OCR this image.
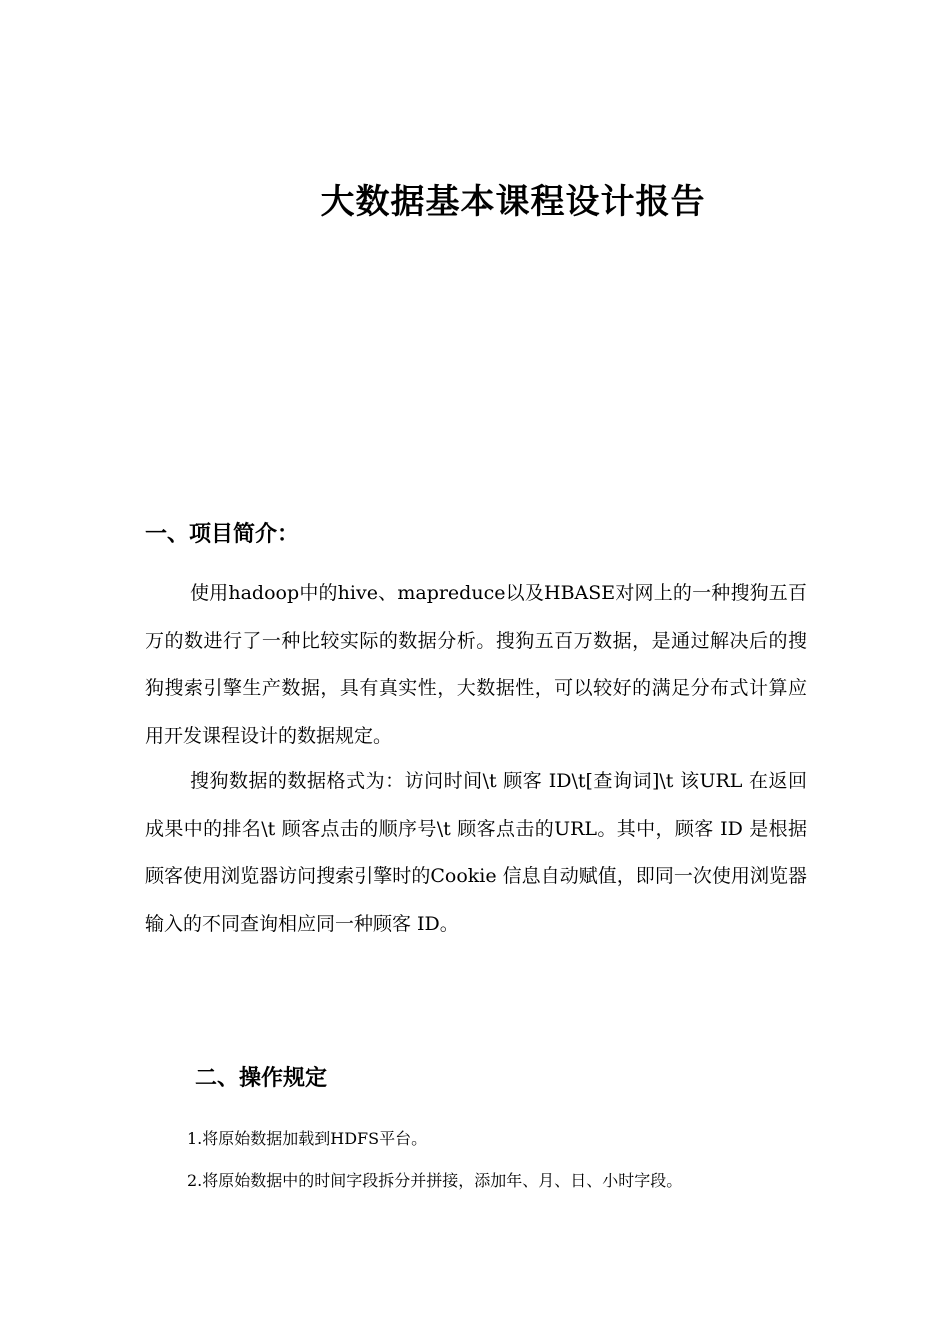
大数据基本课程设计报告
一、项目简介：

使用hadoop中的hive、mapreduce以及HBASE对网上的一种搜狗五百万的数进行了一种比较实际的数据分析。搜狗五百万数据，是通过解决后的搜狗搜索引擎生产数据，具有真实性，大数据性，可以较好的满足分布式计算应用开发课程设计的数据规定。

搜狗数据的数据格式为：访问时间\t 顾客 ID\t[查询词]\t 该URL 在返回成果中的排名\t 顾客点击的顺序号\t 顾客点击的URL。其中，顾客 ID 是根据顾客使用浏览器访问搜索引擎时的Cookie 信息自动赋值，即同一次使用浏览器输入的不同查询相应同一种顾客 ID。

二、操作规定

1.将原始数据加载到HDFS平台。

2.将原始数据中的时间字段拆分并拼接，添加年、月、日、小时字段。
